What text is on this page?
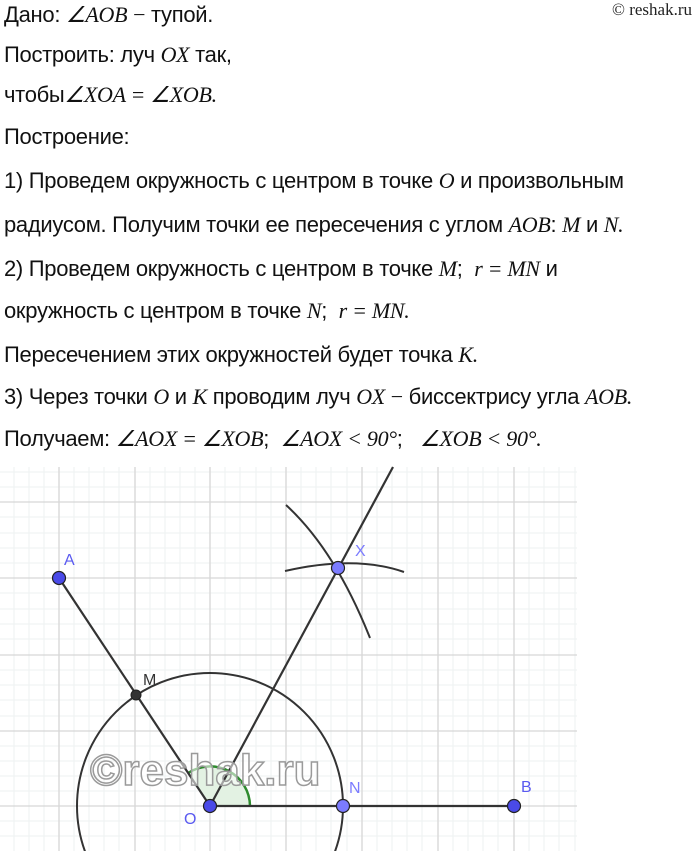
© reshak.ru
Дано: ∠AOB − тупой.
Построить: луч OX так,
чтобы∠XOA = ∠XOB.
Построение:
1) Проведем окружность с центром в точке O и произвольным
радиусом. Получим точки ее пересечения с углом AOB: M и N.
2) Проведем окружность с центром в точке M; r = MN и
окружность с центром в точке N; r = MN.
Пересечением этих окружностей будет точка K.
3) Через точки O и K проводим луч OX − биссектрису угла AOB.
Получаем: ∠AOX = ∠XOB; ∠AOX < 90°; ∠XOB < 90°.
©reshak.ru
A
M
X
O
N	B
